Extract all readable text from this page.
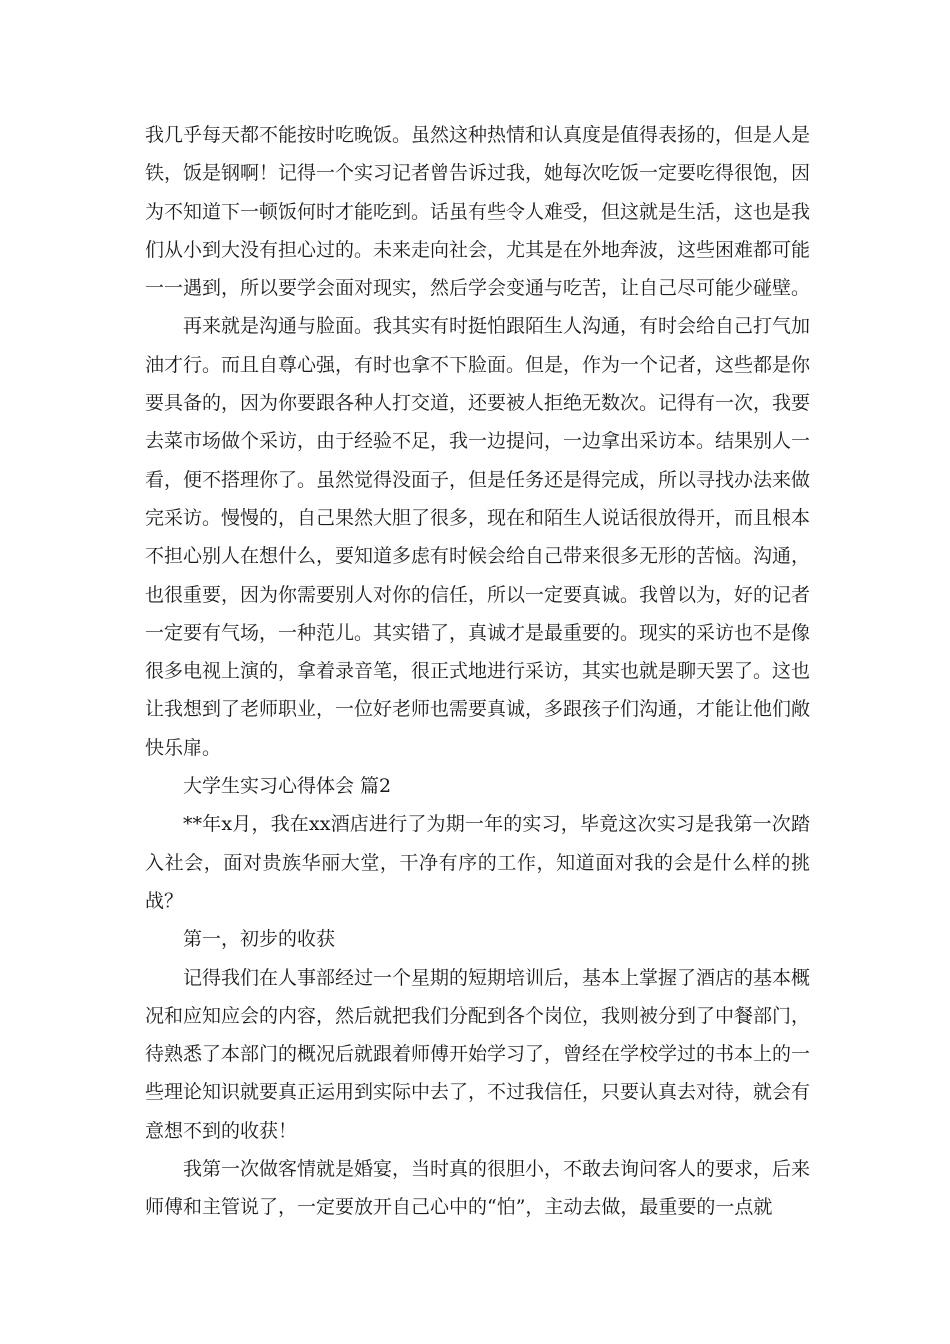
我几乎每天都不能按时吃晚饭。虽然这种热情和认真度是值得表扬的，但是人是铁，饭是钢啊！记得一个实习记者曾告诉过我，她每次吃饭一定要吃得很饱，因为不知道下一顿饭何时才能吃到。话虽有些令人难受，但这就是生活，这也是我们从小到大没有担心过的。未来走向社会，尤其是在外地奔波，这些困难都可能一一遇到，所以要学会面对现实，然后学会变通与吃苦，让自己尽可能少碰壁。

再来就是沟通与脸面。我其实有时挺怕跟陌生人沟通，有时会给自己打气加油才行。而且自尊心强，有时也拿不下脸面。但是，作为一个记者，这些都是你要具备的，因为你要跟各种人打交道，还要被人拒绝无数次。记得有一次，我要去菜市场做个采访，由于经验不足，我一边提问，一边拿出采访本。结果别人一看，便不搭理你了。虽然觉得没面子，但是任务还是得完成，所以寻找办法来做完采访。慢慢的，自己果然大胆了很多，现在和陌生人说话很放得开，而且根本不担心别人在想什么，要知道多虑有时候会给自己带来很多无形的苦恼。沟通，也很重要，因为你需要别人对你的信任，所以一定要真诚。我曾以为，好的记者一定要有气场，一种范儿。其实错了，真诚才是最重要的。现实的采访也不是像很多电视上演的，拿着录音笔，很正式地进行采访，其实也就是聊天罢了。这也让我想到了老师职业，一位好老师也需要真诚，多跟孩子们沟通，才能让他们敞快乐扉。

大学生实习心得体会 篇2

**年x月，我在xx酒店进行了为期一年的实习，毕竟这次实习是我第一次踏入社会，面对贵族华丽大堂，干净有序的工作，知道面对我的会是什么样的挑战？

第一，初步的收获

记得我们在人事部经过一个星期的短期培训后，基本上掌握了酒店的基本概况和应知应会的内容，然后就把我们分配到各个岗位，我则被分到了中餐部门，待熟悉了本部门的概况后就跟着师傅开始学习了，曾经在学校学过的书本上的一些理论知识就要真正运用到实际中去了，不过我信任，只要认真去对待，就会有意想不到的收获！

我第一次做客情就是婚宴，当时真的很胆小，不敢去询问客人的要求，后来师傅和主管说了，一定要放开自己心中的“怕”，主动去做，最重要的一点就
